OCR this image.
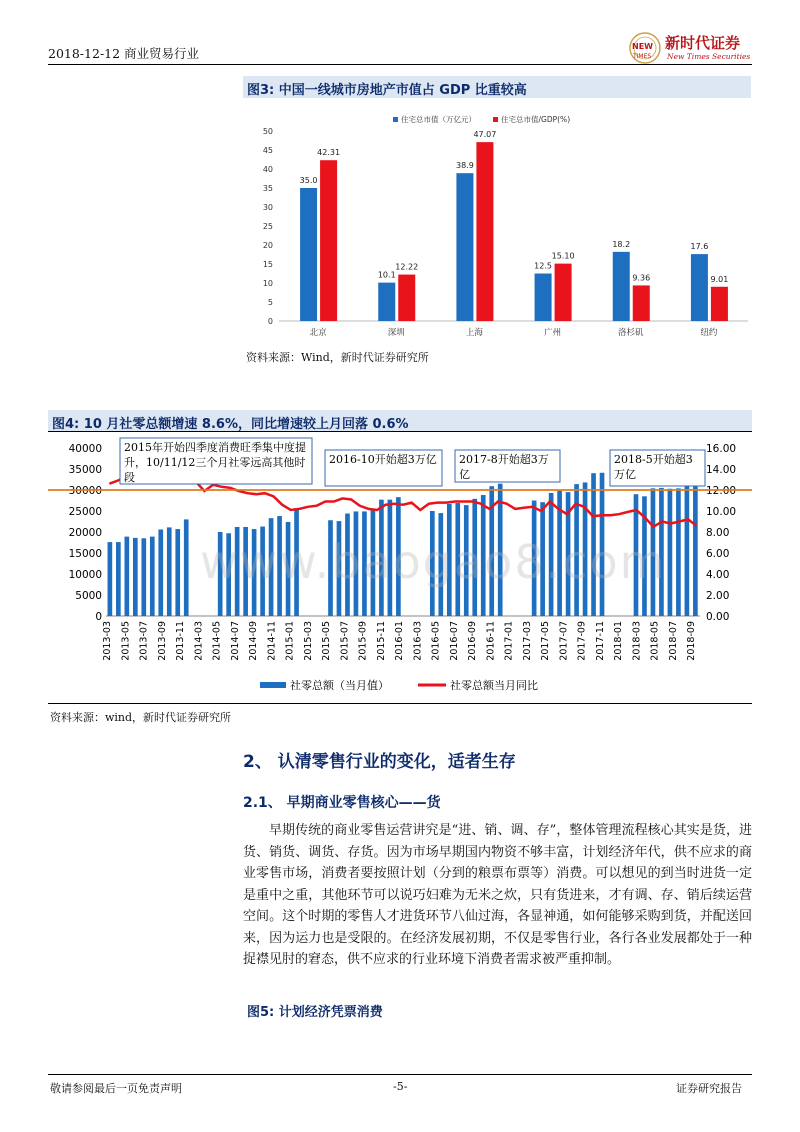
2018-12-12 商业贸易行业	NEW
TIMES
新时代证券
New Times Securities
图3: 中国一线城市房地产市值占 GDP 比重较高
0
5
10
15
20
25
30
35
40
45
50
住宅总市值（万亿元）	住宅总市值/GDP(%)
北京
35.0
42.31
深圳
10.1
12.22
上海
38.9
47.07
广州
12.5
15.10
洛杉矶
18.2
9.36
纽约
17.6
9.01
资料来源：Wind，新时代证券研究所
图4: 10 月社零总额增速 8.6%，同比增速较上月回落 0.6%
0
5000
10000
15000
20000
25000
30000
35000
40000
0.00
2.00
4.00
6.00
8.00
10.00
12.00
14.00
16.00
2013-03 2013-05 2013-07 2013-09 2013-11 2014-03 2014-05 2014-07 2014-09 2014-11 2015-01 2015-03 2015-05 2015-07 2015-09 2015-11 2016-01 2016-03 2016-05 2016-07 2016-09 2016-11 2017-01 2017-03 2017-05 2017-07 2017-09 2017-11 2018-01 2018-03 2018-05 2018-07 2018-09
2015年开始四季度消费旺季集中度提升，10/11/12三个月社零远高其他时段
2016-10开始超3万亿 2017-8开始超3万亿
2018-5开始超3万亿
社零总额（当月值）	社零总额当月同比
www.baogao8.com
资料来源：wind，新时代证券研究所
2、 认清零售行业的变化，适者生存
2.1、 早期商业零售核心——货
早期传统的商业零售运营讲究是“进、销、调、存”，整体管理流程核心其实是货，进货、销货、调货、存货。因为市场早期国内物资不够丰富，计划经济年代，供不应求的商业零售市场，消费者要按照计划（分到的粮票布票等）消费。可以想见的到当时进货一定是重中之重，其他环节可以说巧妇难为无米之炊，只有货进来，才有调、存、销后续运营空间。这个时期的零售人才进货环节八仙过海，各显神通，如何能够采购到货，并配送回来，因为运力也是受限的。在经济发展初期，不仅是零售行业，各行各业发展都处于一种捉襟见肘的窘态，供不应求的行业环境下消费者需求被严重抑制。
图5: 计划经济凭票消费
敬请参阅最后一页免责声明	-5-	证券研究报告
